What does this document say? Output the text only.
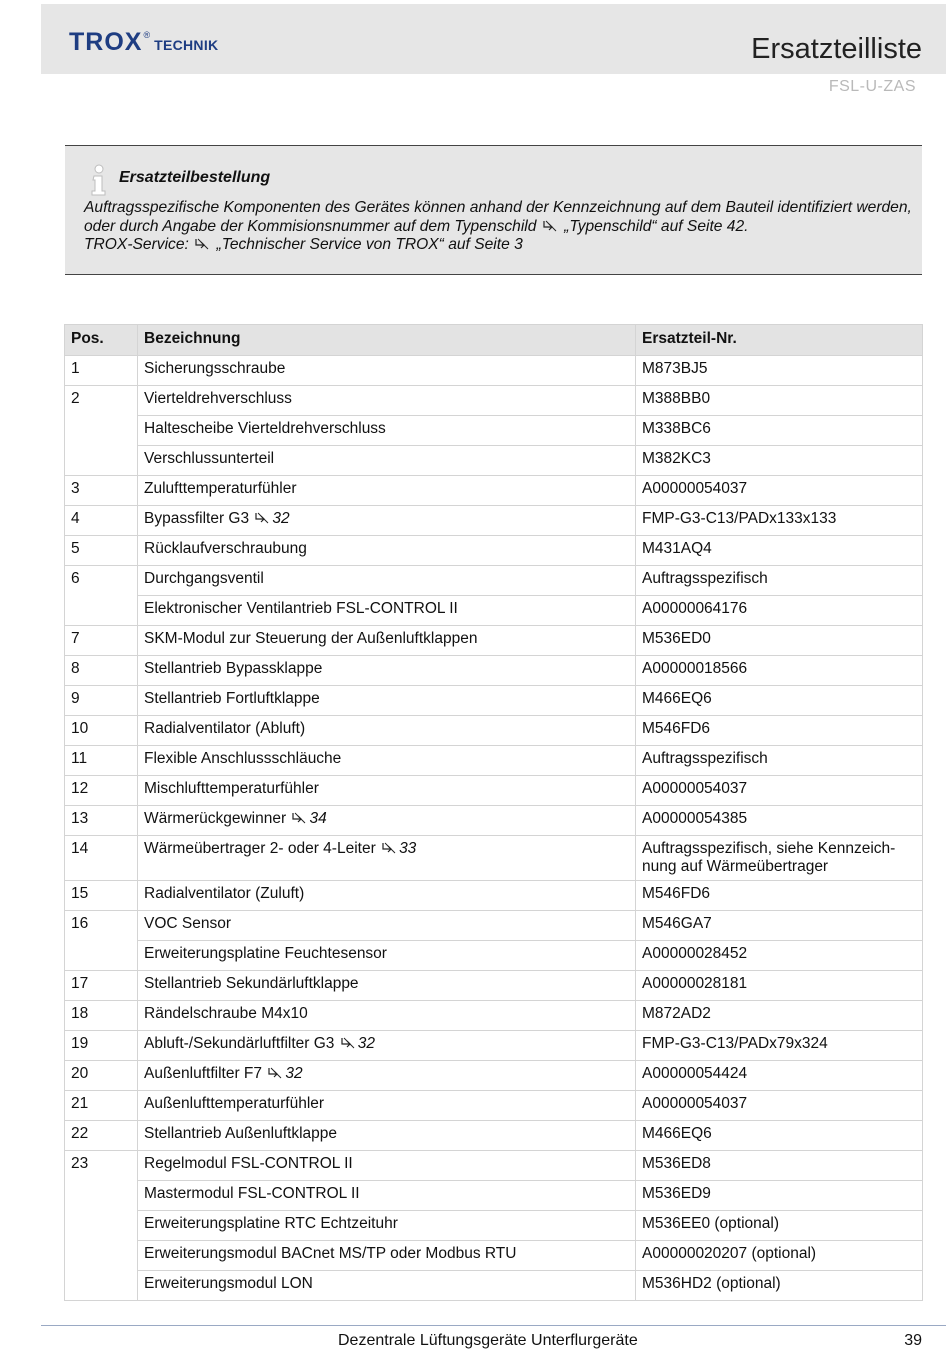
TROX ®
TECHNIK	Ersatzteilliste
FSL-U-ZAS
Ersatzteilbestellung

Auftragsspezifische Komponenten des Gerätes können anhand der Kennzeichnung auf dem Bauteil identifiziert werden, oder durch Angabe der Kommisionsnummer auf dem Typenschild „Typenschild“ auf Seite 42.

TROX-Service: „Technischer Service von TROX“ auf Seite 3

Pos.	Bezeichnung	Ersatzteil-Nr.
1	Sicherungsschraube	M873BJ5
2	Vierteldrehverschluss	M388BB0
	Haltescheibe Vierteldrehverschluss	M338BC6
	Verschlussunterteil	M382KC3
3	Zulufttemperaturfühler	A00000054037
4	Bypassfilter G3 32	FMP-G3-C13/PADx133x133
5	Rücklaufverschraubung	M431AQ4
6	Durchgangsventil	Auftragsspezifisch
	Elektronischer Ventilantrieb FSL-CONTROL II	A00000064176
7	SKM-Modul zur Steuerung der Außenluftklappen	M536ED0
8	Stellantrieb Bypassklappe	A00000018566
9	Stellantrieb Fortluftklappe	M466EQ6
10	Radialventilator (Abluft)	M546FD6
11	Flexible Anschlussschläuche	Auftragsspezifisch
12	Mischlufttemperaturfühler	A00000054037
13	Wärmerückgewinner 34	A00000054385
14	Wärmeübertrager 2- oder 4-Leiter 33	Auftragsspezifisch, siehe Kennzeich- nung auf Wärmeübertrager
15	Radialventilator (Zuluft)	M546FD6
16	VOC Sensor	M546GA7
	Erweiterungsplatine Feuchtesensor	A00000028452
17	Stellantrieb Sekundärluftklappe	A00000028181
18	Rändelschraube M4x10	M872AD2
19	Abluft-/Sekundärluftfilter G3 32	FMP-G3-C13/PADx79x324
20	Außenluftfilter F7 32	A00000054424
21	Außenlufttemperaturfühler	A00000054037
22	Stellantrieb Außenluftklappe	M466EQ6
23	Regelmodul FSL-CONTROL II	M536ED8
	Mastermodul FSL-CONTROL II	M536ED9
	Erweiterungsplatine RTC Echtzeituhr	M536EE0 (optional)
	Erweiterungsmodul BACnet MS/TP oder Modbus RTU	A00000020207 (optional)
	Erweiterungsmodul LON	M536HD2 (optional)
Dezentrale Lüftungsgeräte Unterflurgeräte	39
